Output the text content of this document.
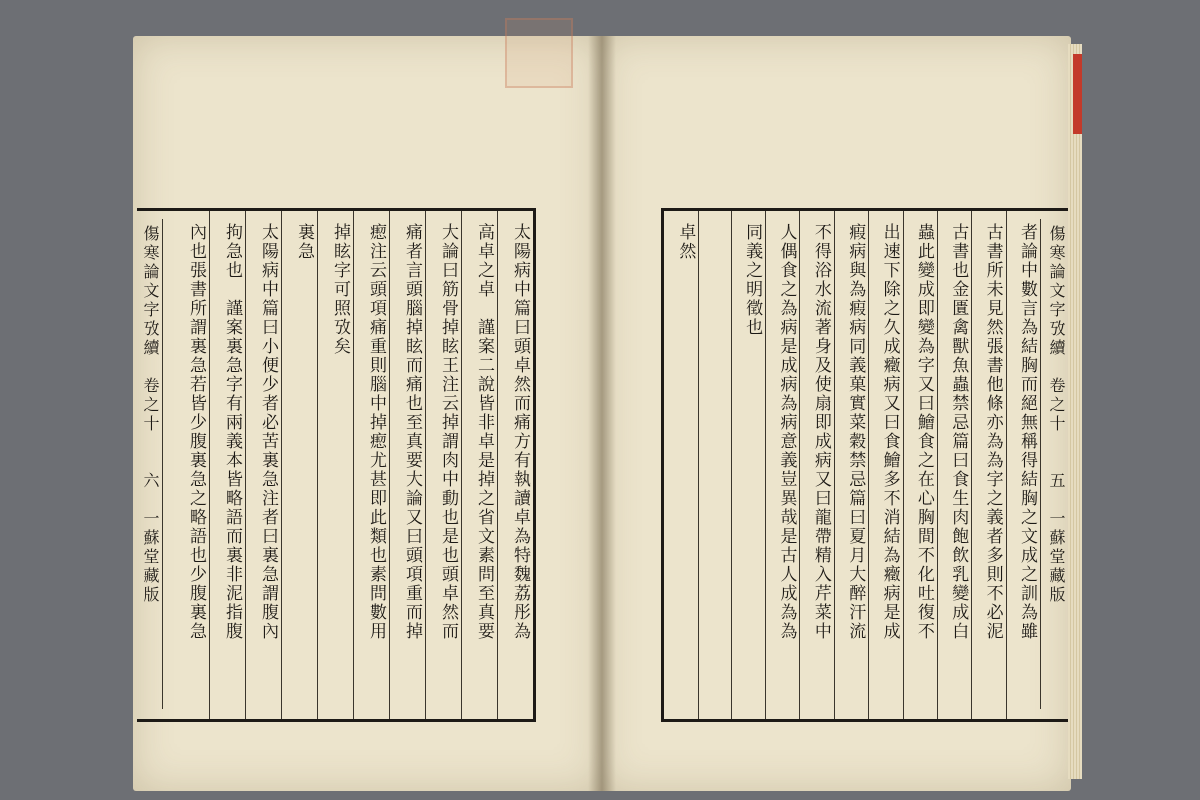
傷寒論文字攷續　卷之十　　六　一蘇堂藏版	太陽病中篇曰頭卓然而痛方有執讀卓為特魏荔彤為
高卓之卓　謹案二說皆非卓是掉之省文素問至真要
大論曰筋骨掉眩王注云掉謂肉中動也是也頭卓然而
痛者言頭腦掉眩而痛也至真要大論又曰頭項重而掉
瘛注云頭項痛重則腦中掉瘛尤甚即此類也素問數用
掉眩字可照攷矣
裏急
太陽病中篇曰小便少者必苦裏急注者曰裏急謂腹內
拘急也　謹案裏急字有兩義本皆略語而裏非泥指腹
內也張書所謂裏急若皆少腹裏急之略語也少腹裏急	傷寒論文字攷續　卷之十　　五　一蘇堂藏版
者論中數言為結胸而絕無稱得結胸之文成之訓為雖
古書所未見然張書他條亦為為字之義者多則不必泥
古書也金匱禽獸魚蟲禁忌篇曰食生肉飽飲乳變成白
蟲此變成即變為字又曰鱠食之在心胸間不化吐復不
出速下除之久成癥病又曰食鱠多不消結為癥病是成
瘕病與為瘕病同義菓實菜穀禁忌篇曰夏月大醉汗流
不得浴水流著身及使扇即成病又曰龍帶精入芹菜中
人偶食之為病是成病為病意義豈異哉是古人成為為
同義之明徵也
卓然
